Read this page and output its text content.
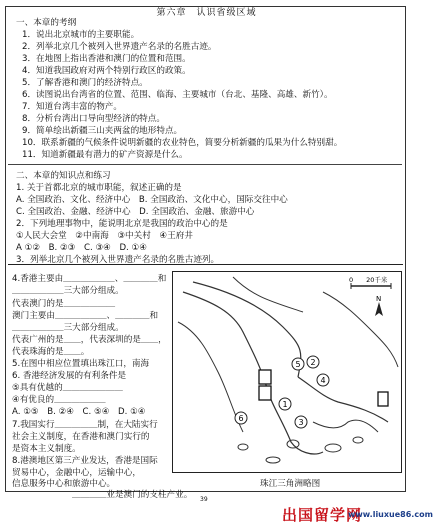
第六章　认识省级区域
一、本章的考纲
1．说出北京城市的主要职能。
2．列举北京几个被列入世界遗产名录的名胜古迹。
3．在地图上指出香港和澳门的位置和范围。
4．知道我国政府对两个特别行政区的政策。
5．了解香港和澳门的经济特点。
6．读图说出台湾省的位置、范围、临海、主要城市（台北、基隆、高雄、新竹）。
7．知道台湾丰富的物产。
8．分析台湾出口导向型经济的特点。
9．简单绘出新疆三山夹两盆的地形特点。
10．联系新疆的气候条件说明新疆的农业特色，简要分析新疆的瓜果为什么特别甜。
11．知道新疆最有潜力的矿产资源是什么。
二、本章的知识点和练习
1. 关于首都北京的城市职能，叙述正确的是
A. 全国政治、文化、经济中心　B. 全国政治、文化中心，国际交往中心
C. 全国政治、金融、经济中心　D. 全国政治、金融、旅游中心
2．下列地理事物中，能说明北京是我国的政治中心的是
①人民大会堂　②中南海　③中关村　④王府井
A ①②　B. ②③　C. ③④　D. ①④
3．列举北京几个被列入世界遗产名录的名胜古迹列。
4.香港主要由＿＿＿＿＿＿、＿＿＿＿和
＿＿＿＿＿＿三大部分组成。
代表澳门的是＿＿＿＿＿＿
澳门主要由＿＿＿＿＿＿、＿＿＿＿和
＿＿＿＿＿＿三大部分组成。
代表广州的是＿＿，代表深圳的是＿＿，
代表珠海的是＿＿。
5.在图中相应位置填出珠江口，南海
6. 香港经济发展的有利条件是
⑤具有优越的＿＿＿＿＿＿＿
④有优良的＿＿＿＿＿＿
A. ①⑤　B. ②④　C. ⑤④　D. ①④
7.我国实行＿＿＿＿＿制，在大陆实行
社会主义制度，在香港和澳门实行的
是资本主义制度。
8.港澳地区第三产业发达，香港是国际
贸易中心，金融中心，运输中心，
信息服务中心和旅游中心。
＿＿＿＿业是澳门的支柱产业。
1
2
3
4
5
6
0　　20千米
N
珠江三角洲略图
39
出国留学网
www.liuxue86.com
